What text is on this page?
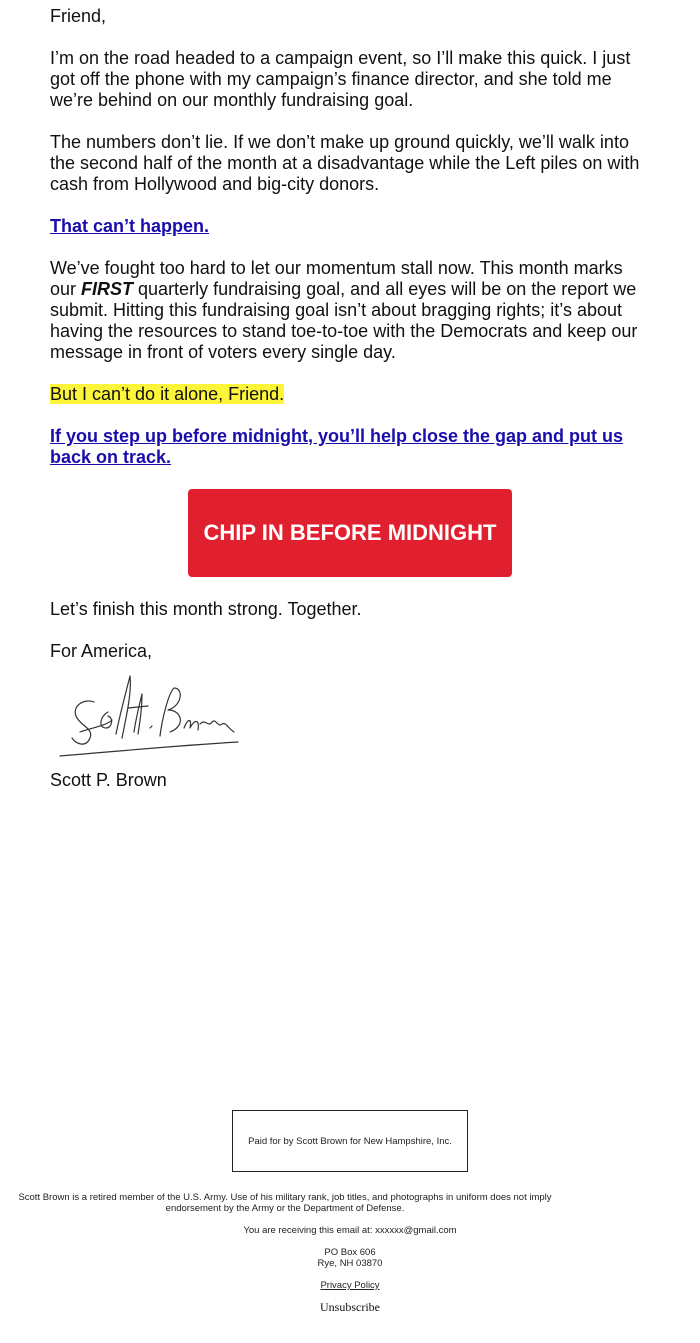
Friend,

I’m on the road headed to a campaign event, so I’ll make this quick. I just got off the phone with my campaign’s finance director, and she told me we’re behind on our monthly fundraising goal.

The numbers don’t lie. If we don’t make up ground quickly, we’ll walk into the second half of the month at a disadvantage while the Left piles on with cash from Hollywood and big-city donors.

That can’t happen.

We’ve fought too hard to let our momentum stall now. This month marks our FIRST quarterly fundraising goal, and all eyes will be on the report we submit. Hitting this fundraising goal isn’t about bragging rights; it’s about having the resources to stand toe-to-toe with the Democrats and keep our message in front of voters every single day.

But I can’t do it alone, Friend.

If you step up before midnight, you’ll help close the gap and put us back on track.

CHIP IN BEFORE MIDNIGHT

Let’s finish this month strong. Together.

For America,

Scott P. Brown

Paid for by Scott Brown for New Hampshire, Inc.

Scott Brown is a retired member of the U.S. Army. Use of his military rank, job titles, and photographs in uniform does not imply endorsement by the Army or the Department of Defense.

You are receiving this email at: xxxxxx@gmail.com

PO Box 606
Rye, NH 03870

Privacy Policy

Unsubscribe
